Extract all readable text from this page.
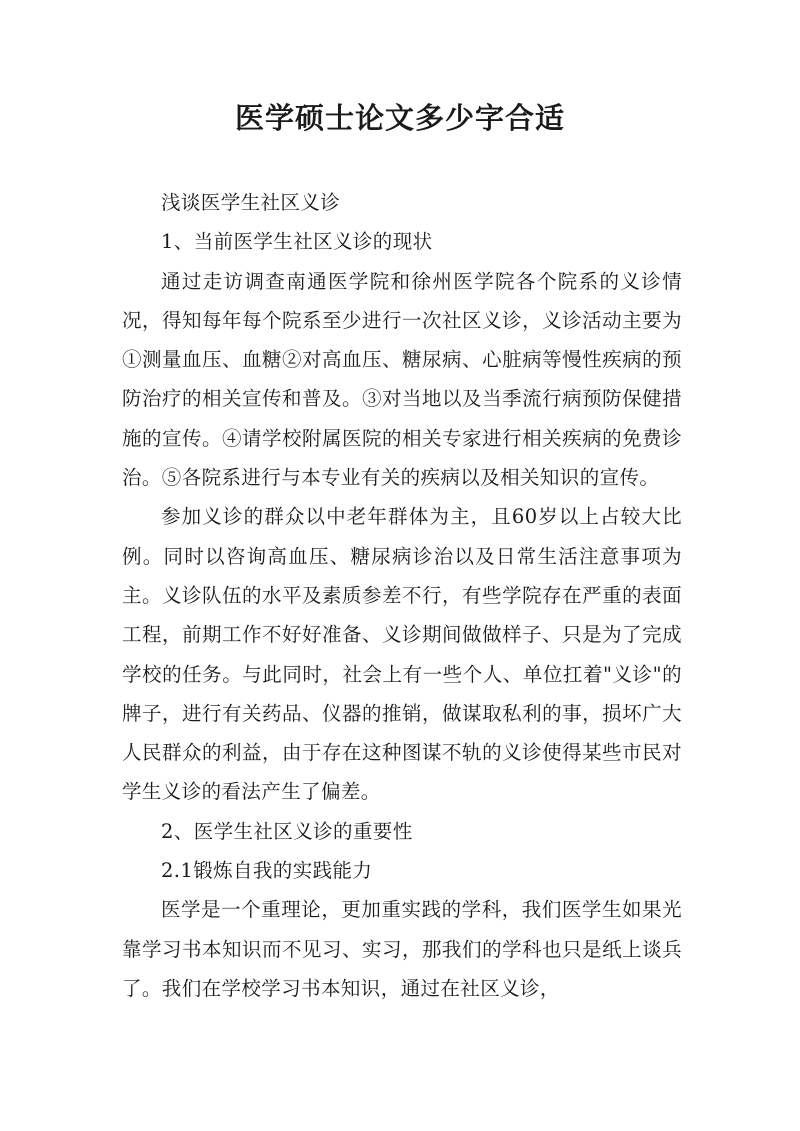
医学硕士论文多少字合适

浅谈医学生社区义诊

1、当前医学生社区义诊的现状

通过走访调查南通医学院和徐州医学院各个院系的义诊情况，得知每年每个院系至少进行一次社区义诊，义诊活动主要为①测量血压、血糖②对高血压、糖尿病、心脏病等慢性疾病的预防治疗的相关宣传和普及。③对当地以及当季流行病预防保健措施的宣传。④请学校附属医院的相关专家进行相关疾病的免费诊治。⑤各院系进行与本专业有关的疾病以及相关知识的宣传。

参加义诊的群众以中老年群体为主，且60岁以上占较大比例。同时以咨询高血压、糖尿病诊治以及日常生活注意事项为主。义诊队伍的水平及素质参差不行，有些学院存在严重的表面工程，前期工作不好好准备、义诊期间做做样子、只是为了完成学校的任务。与此同时，社会上有一些个人、单位扛着"义诊"的牌子，进行有关药品、仪器的推销，做谋取私利的事，损坏广大人民群众的利益，由于存在这种图谋不轨的义诊使得某些市民对学生义诊的看法产生了偏差。

2、医学生社区义诊的重要性

2.1锻炼自我的实践能力

医学是一个重理论，更加重实践的学科，我们医学生如果光靠学习书本知识而不见习、实习，那我们的学科也只是纸上谈兵了。我们在学校学习书本知识，通过在社区义诊，
